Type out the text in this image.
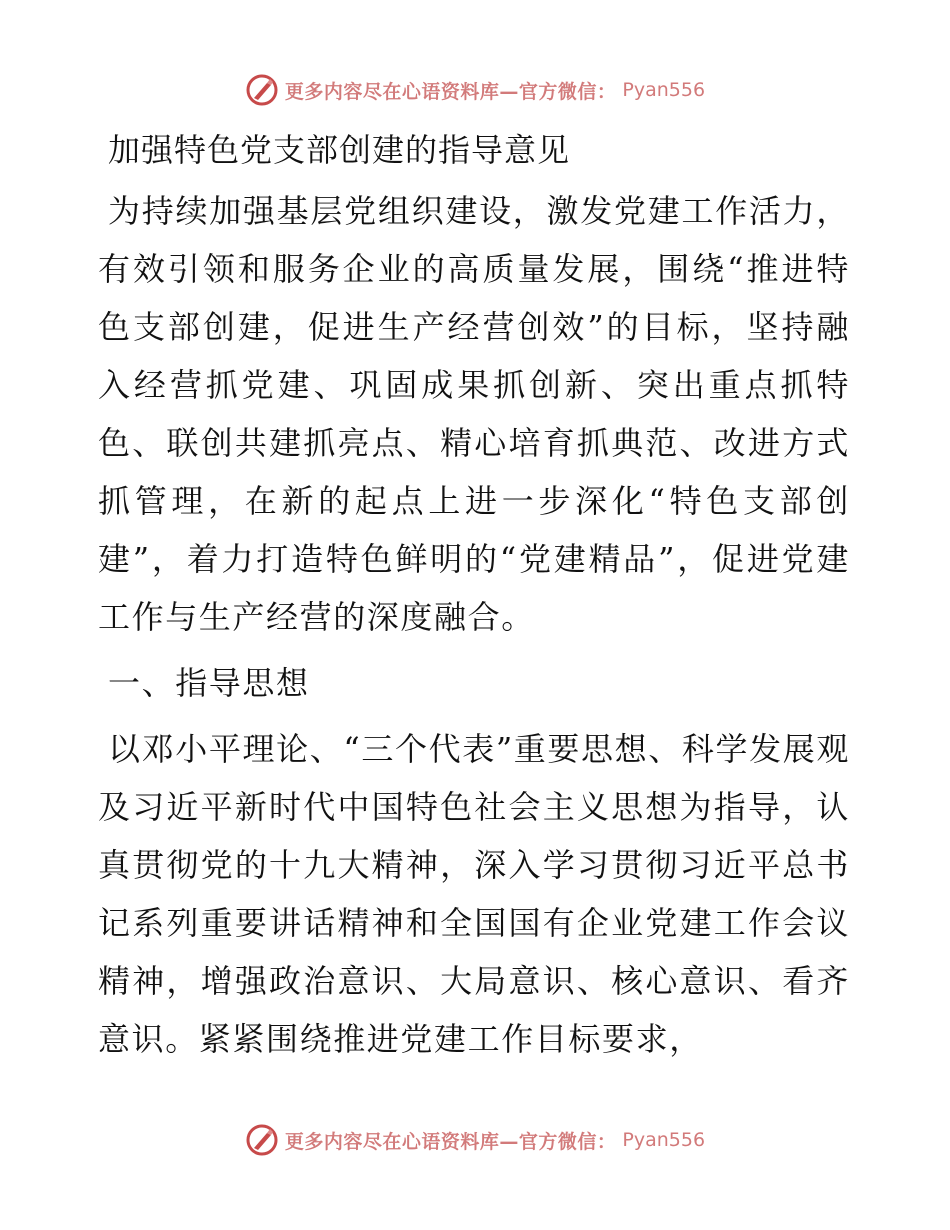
更多内容尽在心语资料库—官方微信： Pyan556
加强特色党支部创建的指导意见

为持续加强基层党组织建设，激发党建工作活力，有效引领和服务企业的高质量发展，围绕“推进特色支部创建，促进生产经营创效”的目标，坚持融入经营抓党建、巩固成果抓创新、突出重点抓特色、联创共建抓亮点、精心培育抓典范、改进方式抓管理，在新的起点上进一步深化“特色支部创建”，着力打造特色鲜明的“党建精品”，促进党建工作与生产经营的深度融合。

一、指导思想

以邓小平理论、“三个代表”重要思想、科学发展观及习近平新时代中国特色社会主义思想为指导，认真贯彻党的十九大精神，深入学习贯彻习近平总书记系列重要讲话精神和全国国有企业党建工作会议精神，增强政治意识、大局意识、核心意识、看齐意识。紧紧围绕推进党建工作目标要求，

更多内容尽在心语资料库—官方微信： Pyan556
